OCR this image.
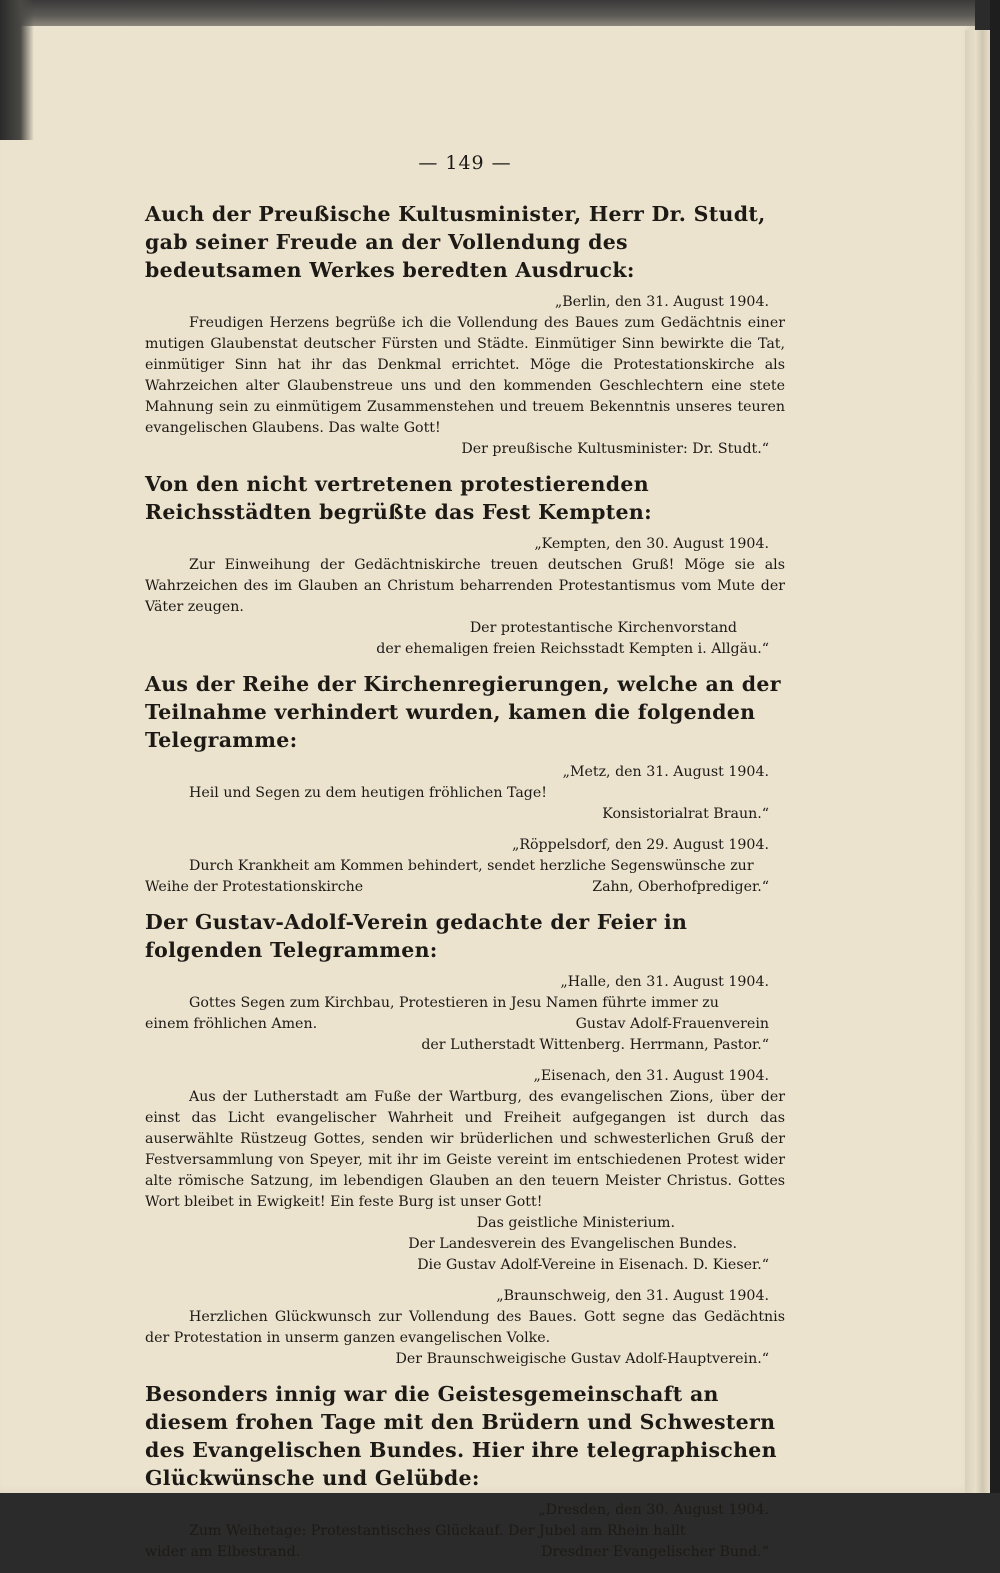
— 149 —
Auch der Preußische Kultusminister, Herr Dr. Studt, gab seiner Freude an der Vollendung des bedeutsamen Werkes beredten Ausdruck:
„Berlin, den 31. August 1904.

Freudigen Herzens begrüße ich die Vollendung des Baues zum Gedächtnis einer mutigen Glaubenstat deutscher Fürsten und Städte. Einmütiger Sinn bewirkte die Tat, einmütiger Sinn hat ihr das Denkmal errichtet. Möge die Protestationskirche als Wahrzeichen alter Glaubenstreue uns und den kommenden Geschlechtern eine stete Mahnung sein zu einmütigem Zusammenstehen und treuem Bekenntnis unseres teuren evangelischen Glaubens. Das walte Gott!

Der preußische Kultusminister: Dr. Studt.“
Von den nicht vertretenen protestierenden Reichsstädten begrüßte das Fest Kempten:
„Kempten, den 30. August 1904.

Zur Einweihung der Gedächtniskirche treuen deutschen Gruß! Möge sie als Wahrzeichen des im Glauben an Christum beharrenden Protestantismus vom Mute der Väter zeugen.

Der protestantische Kirchenvorstand
der ehemaligen freien Reichsstadt Kempten i. Allgäu.“
Aus der Reihe der Kirchenregierungen, welche an der Teilnahme verhindert wurden, kamen die folgenden Telegramme:
„Metz, den 31. August 1904.

Heil und Segen zu dem heutigen fröhlichen Tage!

Konsistorialrat Braun.“
„Röppelsdorf, den 29. August 1904.

Durch Krankheit am Kommen behindert, sendet herzliche Segenswünsche zur

Weihe der Protestationskirche	Zahn, Oberhofprediger.“
Der Gustav-Adolf-Verein gedachte der Feier in folgenden Telegrammen:
„Halle, den 31. August 1904.

Gottes Segen zum Kirchbau, Protestieren in Jesu Namen führte immer zu

einem fröhlichen Amen.	Gustav Adolf-Frauenverein
der Lutherstadt Wittenberg. Herrmann, Pastor.“
„Eisenach, den 31. August 1904.

Aus der Lutherstadt am Fuße der Wartburg, des evangelischen Zions, über der einst das Licht evangelischer Wahrheit und Freiheit aufgegangen ist durch das auserwählte Rüstzeug Gottes, senden wir brüderlichen und schwesterlichen Gruß der Festversammlung von Speyer, mit ihr im Geiste vereint im entschiedenen Protest wider alte römische Satzung, im lebendigen Glauben an den teuern Meister Christus. Gottes Wort bleibet in Ewigkeit! Ein feste Burg ist unser Gott!

Das geistliche Ministerium.
Der Landesverein des Evangelischen Bundes.
Die Gustav Adolf-Vereine in Eisenach. D. Kieser.“
„Braunschweig, den 31. August 1904.

Herzlichen Glückwunsch zur Vollendung des Baues. Gott segne das Gedächtnis der Protestation in unserm ganzen evangelischen Volke.

Der Braunschweigische Gustav Adolf-Hauptverein.“
Besonders innig war die Geistesgemeinschaft an diesem frohen Tage mit den Brüdern und Schwestern des Evangelischen Bundes. Hier ihre telegraphischen Glückwünsche und Gelübde:
„Dresden, den 30. August 1904.

Zum Weihetage: Protestantisches Glückauf. Der Jubel am Rhein hallt

wider am Elbestrand.	Dresdner Evangelischer Bund.“
